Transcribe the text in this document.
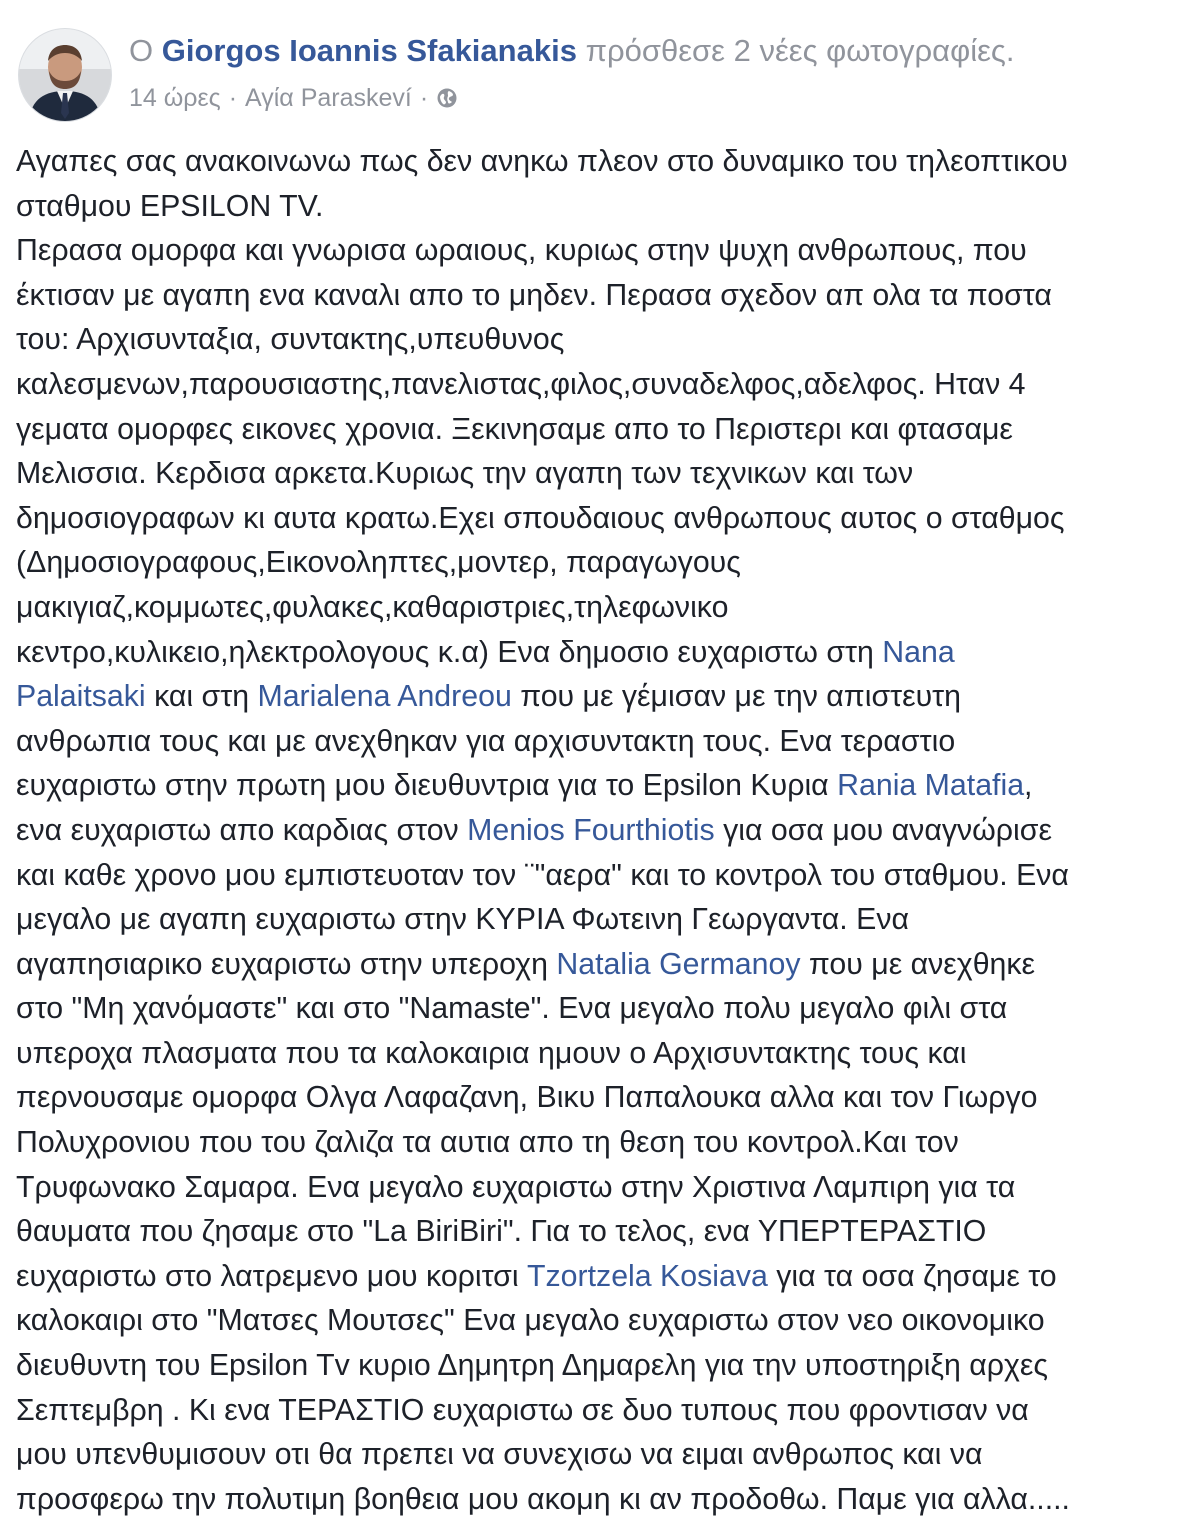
O Giorgos Ioannis Sfakianakis πρόσθεσε 2 νέες φωτογραφίες.
14 ώρες · Αγία Paraskeví ·
Αγαπες σας ανακοινωνω πως δεν ανηκω πλεον στο δυναμικο του τηλεοπτικου
σταθμου EPSILON TV.
Περασα ομορφα και γνωρισα ωραιους, κυριως στην ψυχη ανθρωπους, που
έκτισαν με αγαπη ενα καναλι απο το μηδεν. Περασα σχεδον απ ολα τα ποστα
του: Αρχισυνταξια, συντακτης,υπευθυνος
καλεσμενων,παρουσιαστης,πανελιστας,φιλος,συναδελφος,αδελφος. Ηταν 4
γεματα ομορφες εικονες χρονια. Ξεκινησαμε απο το Περιστερι και φτασαμε
Μελισσια. Κερδισα αρκετα.Κυριως την αγαπη των τεχνικων και των
δημοσιογραφων κι αυτα κρατω.Εχει σπουδαιους ανθρωπους αυτος ο σταθμος
(Δημοσιογραφους,Εικονοληπτες,μοντερ, παραγωγους
μακιγιαζ,κομμωτες,φυλακες,καθαριστριες,τηλεφωνικο
κεντρο,κυλικειο,ηλεκτρολογους κ.α) Ενα δημοσιο ευχαριστω στη Nana
Palaitsaki και στη Marialena Andreou που με γέμισαν με την απιστευτη
ανθρωπια τους και με ανεχθηκαν για αρχισυντακτη τους. Ενα τεραστιο
ευχαριστω στην πρωτη μου διευθυντρια για το Epsilon Κυρια Rania Matafia,
ενα ευχαριστω απο καρδιας στον Menios Fourthiotis για οσα μου αναγνώρισε
και καθε χρονο μου εμπιστευοταν τον ¨"αερα" και το κοντρολ του σταθμου. Ενα
μεγαλο με αγαπη ευχαριστω στην ΚΥΡΙΑ Φωτεινη Γεωργαντα. Ενα
αγαπησιαρικο ευχαριστω στην υπεροχη Natalia Germanoy που με ανεχθηκε
στο "Μη χανόμαστε" και στο "Namaste". Ενα μεγαλο πολυ μεγαλο φιλι στα
υπεροχα πλασματα που τα καλοκαιρια ημουν ο Αρχισυντακτης τους και
περνουσαμε ομορφα Ολγα Λαφαζανη, Βικυ Παπαλουκα αλλα και τον Γιωργο
Πολυχρονιου που του ζαλιζα τα αυτια απο τη θεση του κοντρολ.Και τον
Τρυφωνακο Σαμαρα. Ενα μεγαλο ευχαριστω στην Χριστινα Λαμπιρη για τα
θαυματα που ζησαμε στο "La BiriBiri". Για το τελος, ενα ΥΠΕΡΤΕΡΑΣΤΙΟ
ευχαριστω στο λατρεμενο μου κοριτσι Tzortzela Kosiava για τα οσα ζησαμε το
καλοκαιρι στο "Ματσες Μουτσες" Ενα μεγαλο ευχαριστω στον νεο οικονομικο
διευθυντη του Epsilon Tv κυριο Δημητρη Δημαρελη για την υποστηριξη αρχες
Σεπτεμβρη . Κι ενα ΤΕΡΑΣΤΙΟ ευχαριστω σε δυο τυπους που φροντισαν να
μου υπενθυμισουν οτι θα πρεπει να συνεχισω να ειμαι ανθρωπος και να
προσφερω την πολυτιμη βοηθεια μου ακομη κι αν προδοθω. Παμε για αλλα.....
